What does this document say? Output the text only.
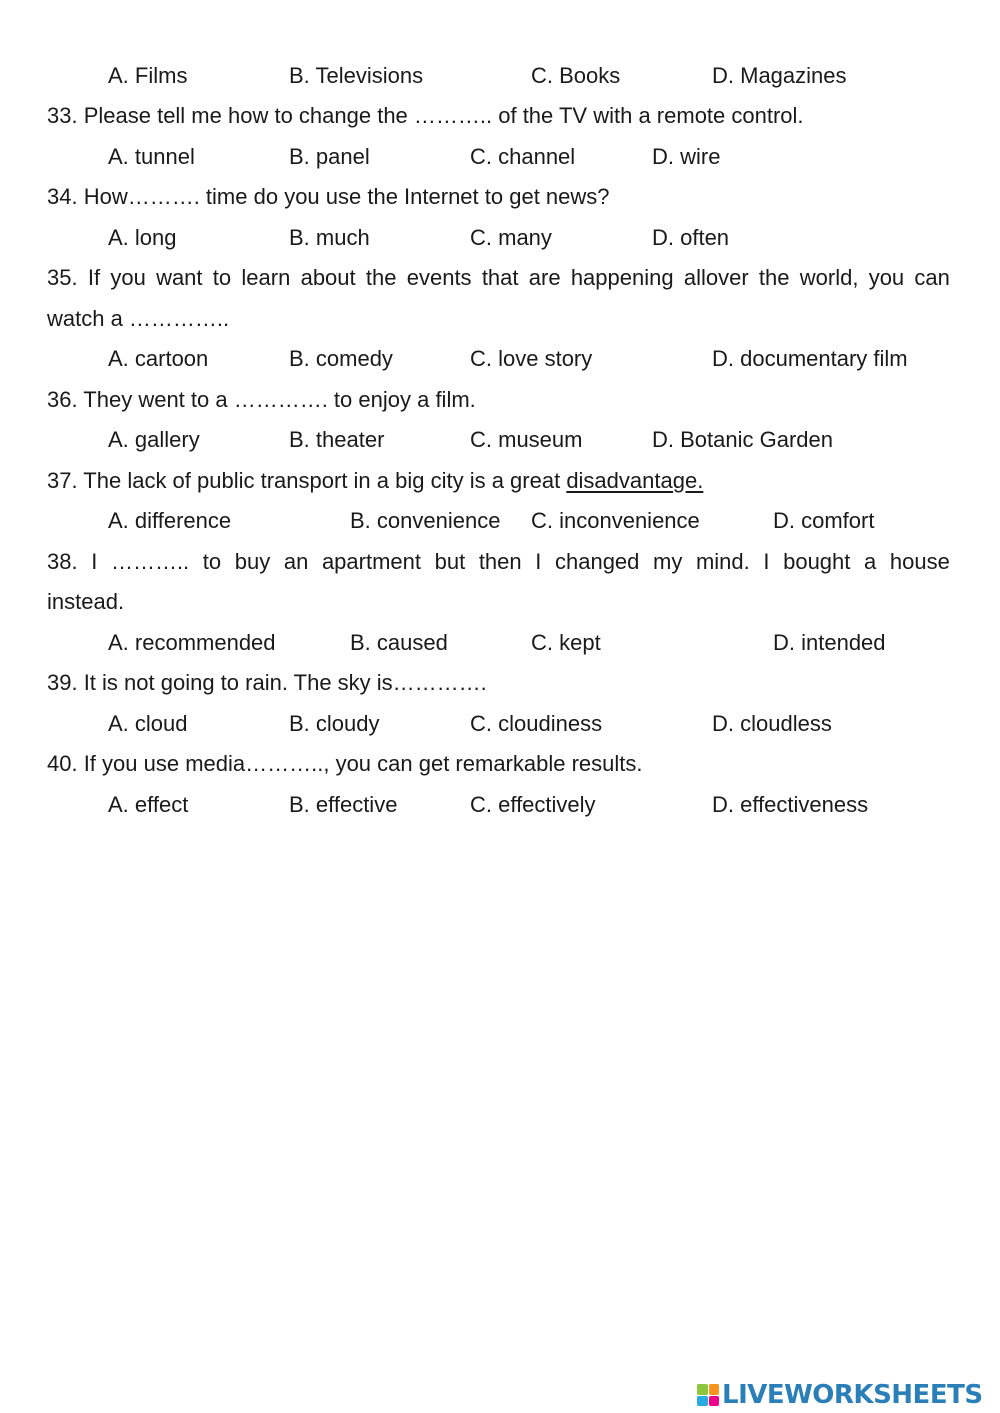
A. Films	B. Televisions	C. Books	D. Magazines
33. Please tell me how to change the ……….. of the TV with a remote control.
A. tunnel	B. panel	C. channel	D. wire
34. How………. time do you use the Internet to get news?
A. long	B. much	C. many	D. often
35. If you want to learn about the events that are happening allover the world, you can
watch a …………..
A. cartoon	B. comedy	C. love story	D. documentary film
36. They went to a …………. to enjoy a film.
A. gallery	B. theater	C. museum	D. Botanic Garden
37. The lack of public transport in a big city is a great disadvantage.
A. difference	B. convenience C. inconvenience	D. comfort
38. I ……….. to buy an apartment but then I changed my mind. I bought a house
instead.
A. recommended	B. caused	C. kept	D. intended
39. It is not going to rain. The sky is………….
A. cloud	B. cloudy	C. cloudiness	D. cloudless
40. If you use media……….., you can get remarkable results.
A. effect	B. effective	C. effectively	D. effectiveness
LIVEWORKSHEETS
